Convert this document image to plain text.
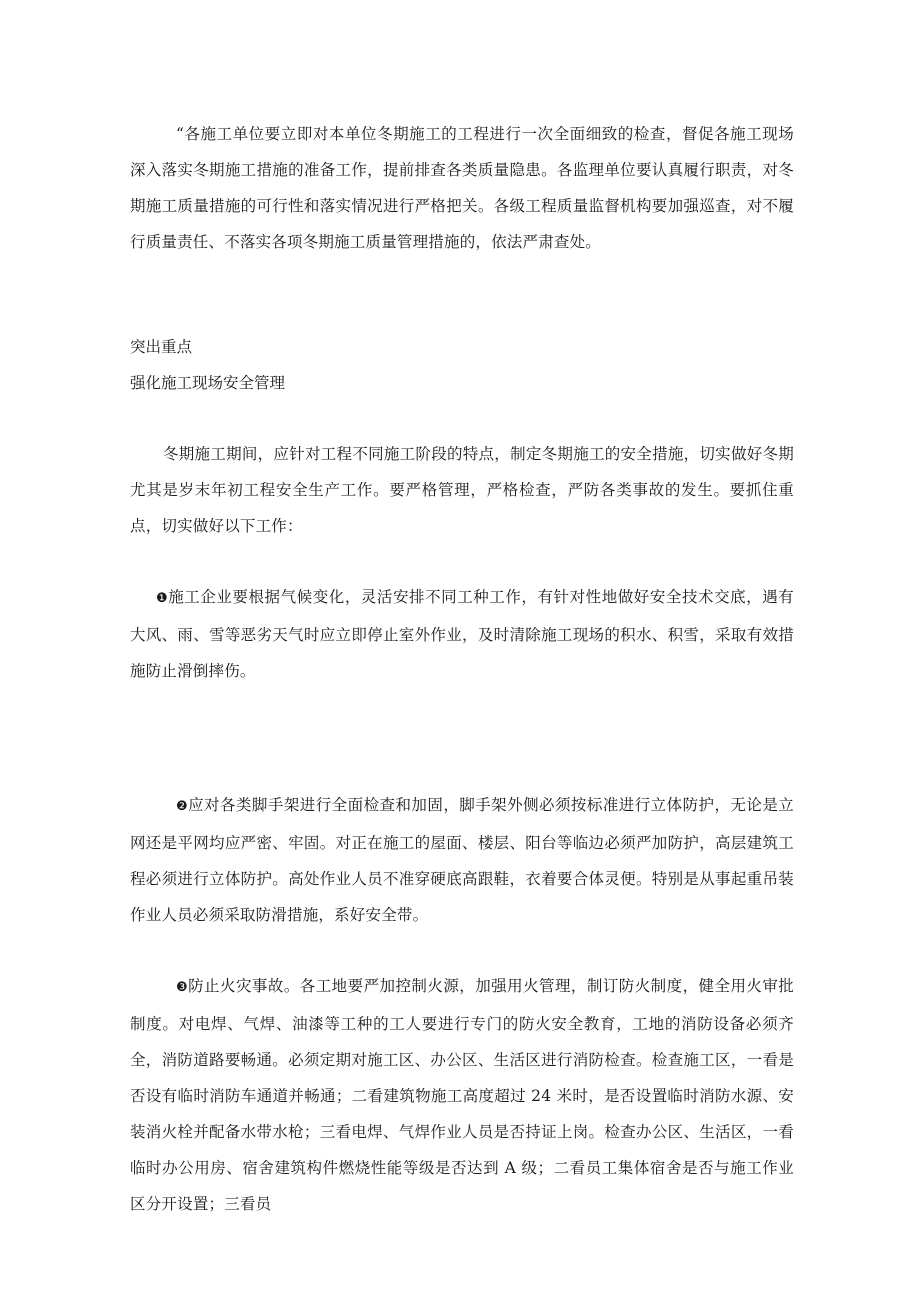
“各施工单位要立即对本单位冬期施工的工程进行一次全面细致的检查，督促各施工现场深入落实冬期施工措施的准备工作，提前排查各类质量隐患。各监理单位要认真履行职责，对冬期施工质量措施的可行性和落实情况进行严格把关。各级工程质量监督机构要加强巡查，对不履行质量责任、不落实各项冬期施工质量管理措施的，依法严肃查处。

突出重点

强化施工现场安全管理

冬期施工期间，应针对工程不同施工阶段的特点，制定冬期施工的安全措施，切实做好冬期尤其是岁末年初工程安全生产工作。要严格管理，严格检查，严防各类事故的发生。要抓住重点，切实做好以下工作：

❶施工企业要根据气候变化，灵活安排不同工种工作，有针对性地做好安全技术交底，遇有大风、雨、雪等恶劣天气时应立即停止室外作业，及时清除施工现场的积水、积雪，采取有效措施防止滑倒摔伤。

❷应对各类脚手架进行全面检查和加固，脚手架外侧必须按标准进行立体防护，无论是立网还是平网均应严密、牢固。对正在施工的屋面、楼层、阳台等临边必须严加防护，高层建筑工程必须进行立体防护。高处作业人员不准穿硬底高跟鞋，衣着要合体灵便。特别是从事起重吊装作业人员必须采取防滑措施，系好安全带。

❸防止火灾事故。各工地要严加控制火源，加强用火管理，制订防火制度，健全用火审批制度。对电焊、气焊、油漆等工种的工人要进行专门的防火安全教育，工地的消防设备必须齐全，消防道路要畅通。必须定期对施工区、办公区、生活区进行消防检查。检查施工区，一看是否设有临时消防车通道并畅通；二看建筑物施工高度超过 24 米时，是否设置临时消防水源、安装消火栓并配备水带水枪；三看电焊、气焊作业人员是否持证上岗。检查办公区、生活区，一看临时办公用房、宿舍建筑构件燃烧性能等级是否达到 A 级；二看员工集体宿舍是否与施工作业区分开设置；三看员
